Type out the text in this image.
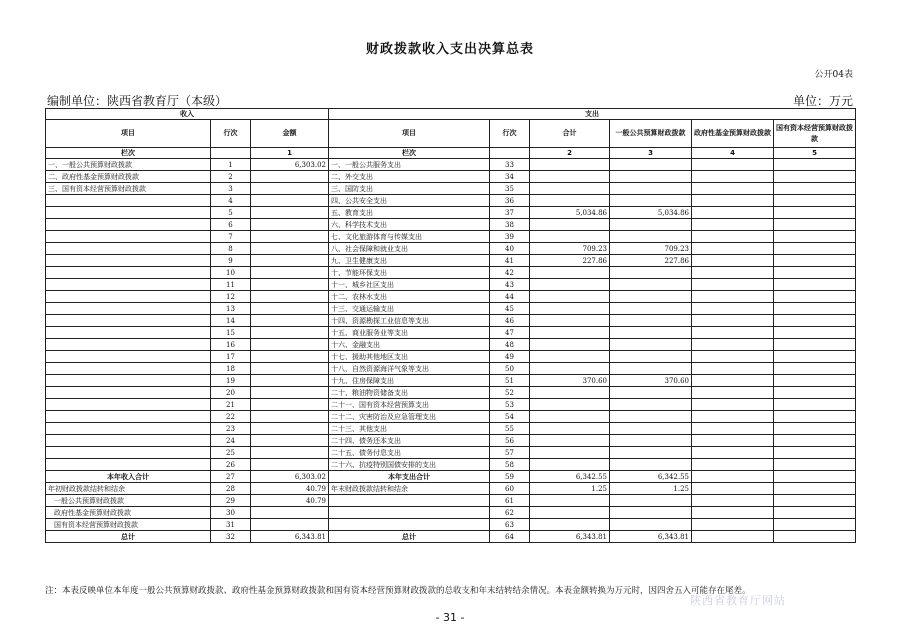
财政拨款收入支出决算总表
公开04表
编制单位：陕西省教育厅（本级）	单位：万元
收入			支出					
项目	行次	金额	项目	行次	合计	一般公共预算财政拨款	政府性基金预算财政拨款	国有资本经营预算财政拨款
栏次		1	栏次		2	3	4	5
一、一般公共预算财政拨款	1	6,303.02	一、一般公共服务支出	33				
二、政府性基金预算财政拨款	2		二、外交支出	34				
三、国有资本经营预算财政拨款	3		三、国防支出	35				
	4		四、公共安全支出	36				
	5		五、教育支出	37	5,034.86	5,034.86		
	6		六、科学技术支出	38				
	7		七、文化旅游体育与传媒支出	39				
	8		八、社会保障和就业支出	40	709.23	709.23		
	9		九、卫生健康支出	41	227.86	227.86		
	10		十、节能环保支出	42				
	11		十一、城乡社区支出	43				
	12		十二、农林水支出	44				
	13		十三、交通运输支出	45				
	14		十四、资源勘探工业信息等支出	46				
	15		十五、商业服务业等支出	47				
	16		十六、金融支出	48				
	17		十七、援助其他地区支出	49				
	18		十八、自然资源海洋气象等支出	50				
	19		十九、住房保障支出	51	370.60	370.60		
	20		二十、粮油物资储备支出	52				
	21		二十一、国有资本经营预算支出	53				
	22		二十二、灾害防治及应急管理支出	54				
	23		二十三、其他支出	55				
	24		二十四、债务还本支出	56				
	25		二十五、债务付息支出	57				
	26		二十六、抗疫特别国债安排的支出	58				
本年收入合计	27	6,303.02	本年支出合计	59	6,342.55	6,342.55		
年初财政拨款结转和结余	28	40.79	年末财政拨款结转和结余	60	1.25	1.25		
一般公共预算财政拨款	29	40.79		61				
政府性基金预算财政拨款	30			62				
国有资本经营预算财政拨款	31			63				
总计	32	6,343.81	总计	64	6,343.81	6,343.81		
注：本表反映单位本年度一般公共预算财政拨款、政府性基金预算财政拨款和国有资本经营预算财政拨款的总收支和年末结转结余情况。本表金额转换为万元时，因四舍五入可能存在尾差。
陕西省教育厅网站
- 31 -
